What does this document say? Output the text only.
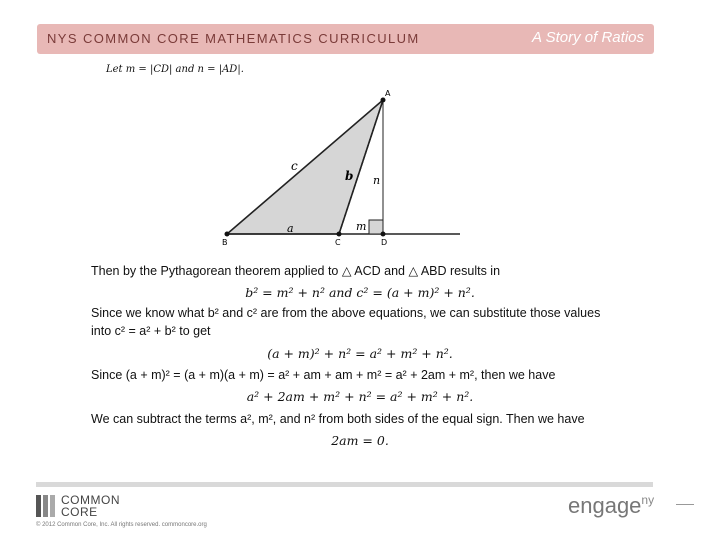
NYS COMMON CORE MATHEMATICS CURRICULUM	A Story of Ratios
Let m = |CD| and n = |AD|.
A
B	C	D
c
b
a
n
m
Then by the Pythagorean theorem applied to △ ACD and △ ABD results in
b² = m² + n² and c² = (a + m)² + n².
Since we know what b² and c² are from the above equations, we can substitute those values
into c² = a² + b² to get
(a + m)² + n² = a² + m² + n².
Since (a + m)² = (a + m)(a + m) = a² + am + am + m² = a² + 2am + m², then we have
a² + 2am + m² + n² = a² + m² + n².
We can subtract the terms a², m², and n² from both sides of the equal sign. Then we have
2am = 0.
COMMON
CORE
© 2012 Common Core, Inc. All rights reserved. commoncore.org
engage$^{ny}$
